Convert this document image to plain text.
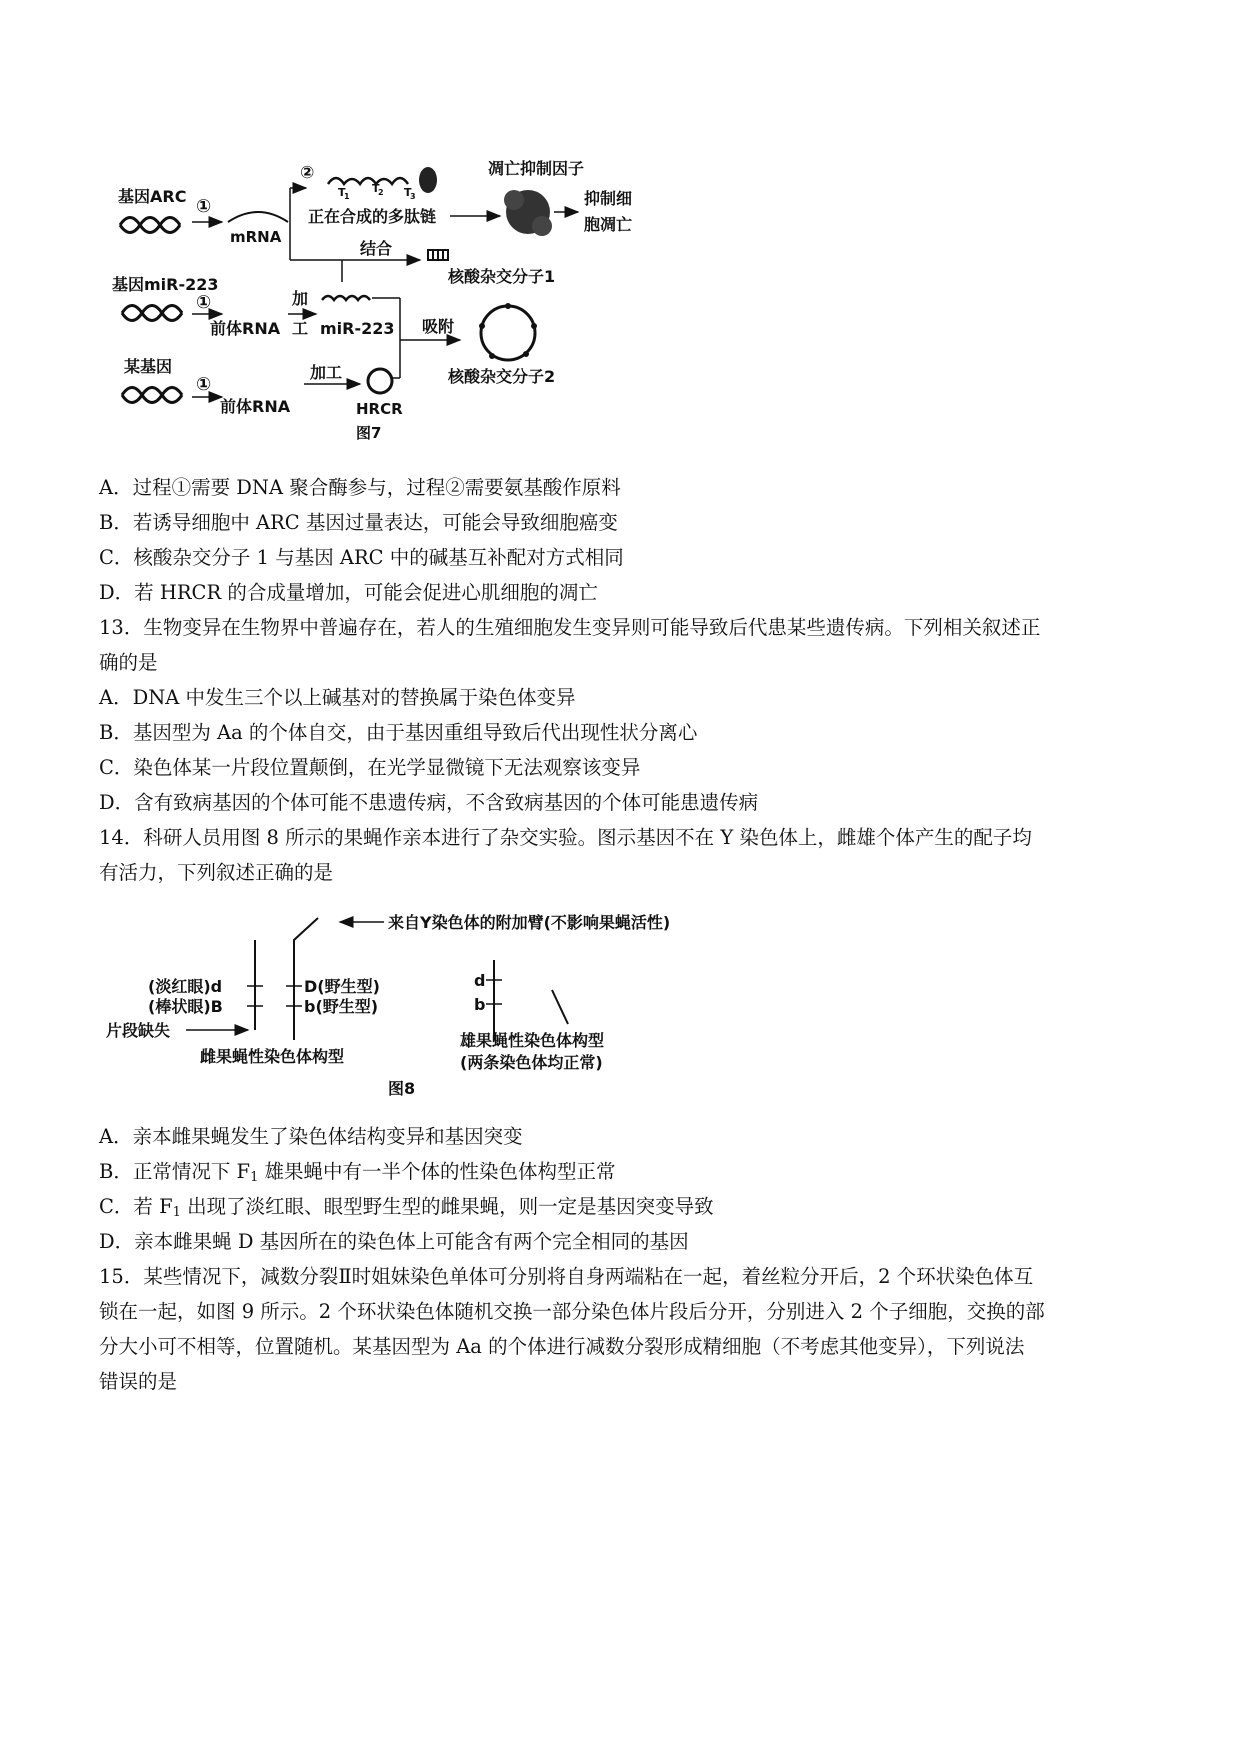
基因ARC ①
mRNA
②
T
1
T
2 T
3
正在合成的多肽链
凋亡抑制因子
抑制细
胞凋亡
结合
核酸杂交分子1
基因miR-223
①
前体RNA
加
工 miR-223 吸附
核酸杂交分子2
某基因
①
前体RNA
加工
HRCR
图7
A．过程①需要 DNA 聚合酶参与，过程②需要氨基酸作原料
B．若诱导细胞中 ARC 基因过量表达，可能会导致细胞癌变
C．核酸杂交分子 1 与基因 ARC 中的碱基互补配对方式相同
D．若 HRCR 的合成量增加，可能会促进心肌细胞的凋亡
13．生物变异在生物界中普遍存在，若人的生殖细胞发生变异则可能导致后代患某些遗传病。下列相关叙述正
确的是
A．DNA 中发生三个以上碱基对的替换属于染色体变异
B．基因型为 Aa 的个体自交，由于基因重组导致后代出现性状分离心
C．染色体某一片段位置颠倒，在光学显微镜下无法观察该变异
D．含有致病基因的个体可能不患遗传病，不含致病基因的个体可能患遗传病
14．科研人员用图 8 所示的果蝇作亲本进行了杂交实验。图示基因不在 Y 染色体上，雌雄个体产生的配子均
有活力，下列叙述正确的是
(淡红眼)d
(棒状眼)B
片段缺失
D(野生型)
b(野生型)
来自Y染色体的附加臂(不影响果蝇活性)
雌果蝇性染色体构型
d
b
雄果蝇性染色体构型
(两条染色体均正常)
图8
A．亲本雌果蝇发生了染色体结构变异和基因突变
B．正常情况下 $F_1$ 雄果蝇中有一半个体的性染色体构型正常
C．若 $F_1$ 出现了淡红眼、眼型野生型的雌果蝇，则一定是基因突变导致
D．亲本雌果蝇 D 基因所在的染色体上可能含有两个完全相同的基因
15．某些情况下，减数分裂Ⅱ时姐妹染色单体可分别将自身两端粘在一起，着丝粒分开后，2 个环状染色体互
锁在一起，如图 9 所示。2 个环状染色体随机交换一部分染色体片段后分开，分别进入 2 个子细胞，交换的部
分大小可不相等，位置随机。某基因型为 Aa 的个体进行减数分裂形成精细胞（不考虑其他变异），下列说法
错误的是
